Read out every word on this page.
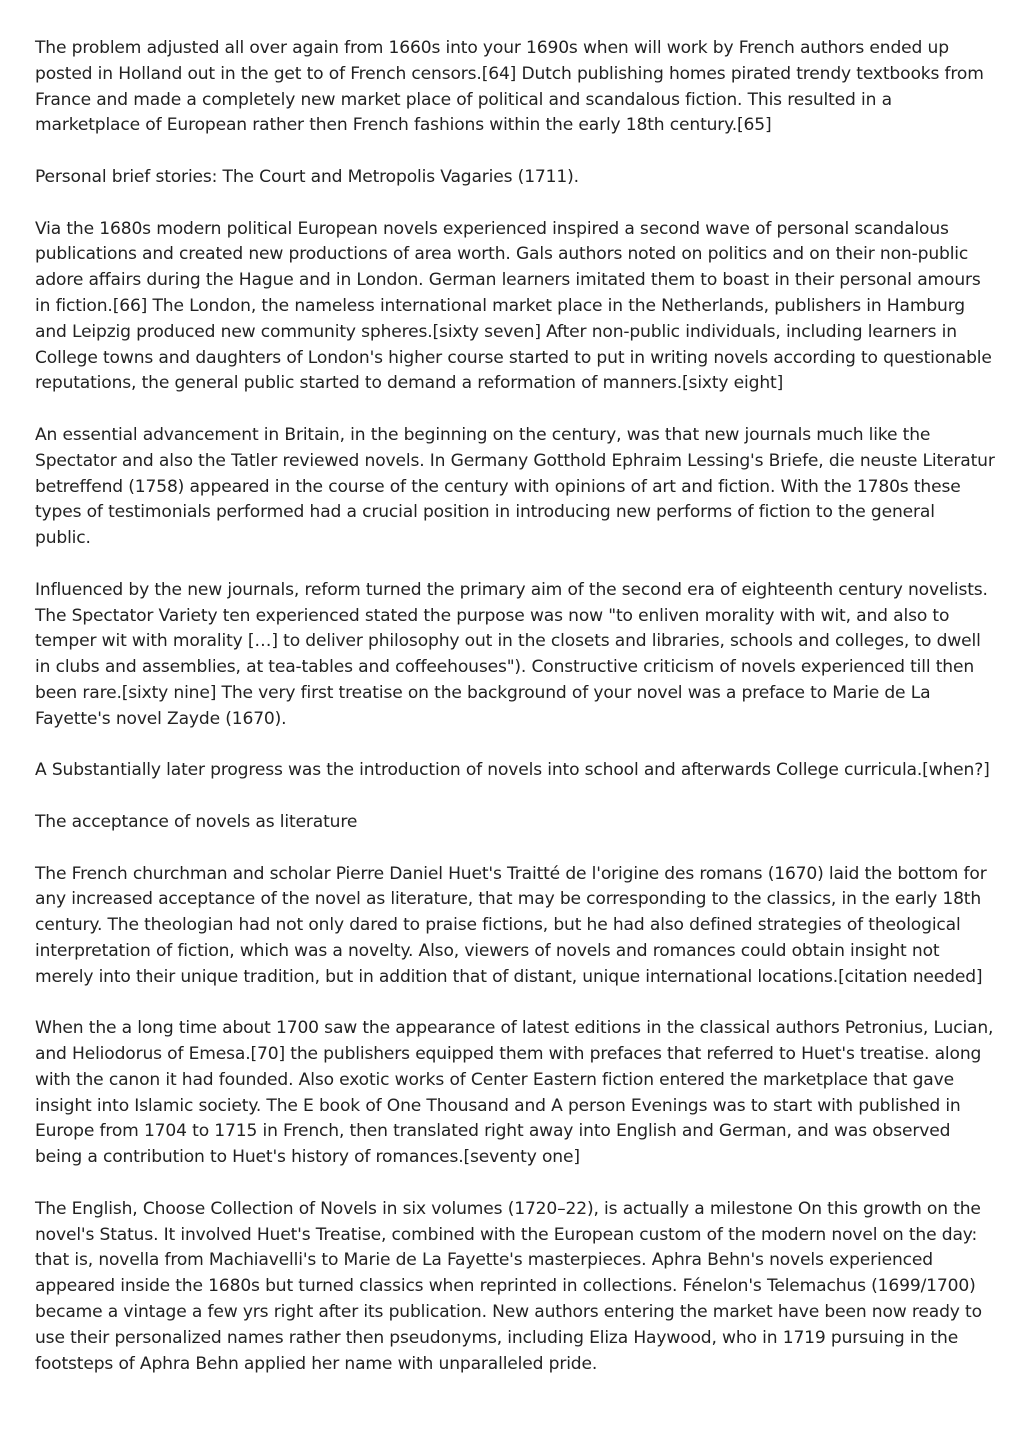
The problem adjusted all over again from 1660s into your 1690s when will work by French authors ended up posted in Holland out in the get to of French censors.[64] Dutch publishing homes pirated trendy textbooks from France and made a completely new market place of political and scandalous fiction. This resulted in a marketplace of European rather then French fashions within the early 18th century.[65]

Personal brief stories: The Court and Metropolis Vagaries (1711).

Via the 1680s modern political European novels experienced inspired a second wave of personal scandalous publications and created new productions of area worth. Gals authors noted on politics and on their non-public adore affairs during the Hague and in London. German learners imitated them to boast in their personal amours in fiction.[66] The London, the nameless international market place in the Netherlands, publishers in Hamburg and Leipzig produced new community spheres.[sixty seven] After non-public individuals, including learners in College towns and daughters of London's higher course started to put in writing novels according to questionable reputations, the general public started to demand a reformation of manners.[sixty eight]

An essential advancement in Britain, in the beginning on the century, was that new journals much like the Spectator and also the Tatler reviewed novels. In Germany Gotthold Ephraim Lessing's Briefe, die neuste Literatur betreffend (1758) appeared in the course of the century with opinions of art and fiction. With the 1780s these types of testimonials performed had a crucial position in introducing new performs of fiction to the general public.

Influenced by the new journals, reform turned the primary aim of the second era of eighteenth century novelists. The Spectator Variety ten experienced stated the purpose was now "to enliven morality with wit, and also to temper wit with morality […] to deliver philosophy out in the closets and libraries, schools and colleges, to dwell in clubs and assemblies, at tea-tables and coffeehouses"). Constructive criticism of novels experienced till then been rare.[sixty nine] The very first treatise on the background of your novel was a preface to Marie de La Fayette's novel Zayde (1670).

A Substantially later progress was the introduction of novels into school and afterwards College curricula.[when?]

The acceptance of novels as literature

The French churchman and scholar Pierre Daniel Huet's Traitté de l'origine des romans (1670) laid the bottom for any increased acceptance of the novel as literature, that may be corresponding to the classics, in the early 18th century. The theologian had not only dared to praise fictions, but he had also defined strategies of theological interpretation of fiction, which was a novelty. Also, viewers of novels and romances could obtain insight not merely into their unique tradition, but in addition that of distant, unique international locations.[citation needed]

When the a long time about 1700 saw the appearance of latest editions in the classical authors Petronius, Lucian, and Heliodorus of Emesa.[70] the publishers equipped them with prefaces that referred to Huet's treatise. along with the canon it had founded. Also exotic works of Center Eastern fiction entered the marketplace that gave insight into Islamic society. The E book of One Thousand and A person Evenings was to start with published in Europe from 1704 to 1715 in French, then translated right away into English and German, and was observed being a contribution to Huet's history of romances.[seventy one]

The English, Choose Collection of Novels in six volumes (1720–22), is actually a milestone On this growth on the novel's Status. It involved Huet's Treatise, combined with the European custom of the modern novel on the day: that is, novella from Machiavelli's to Marie de La Fayette's masterpieces. Aphra Behn's novels experienced appeared inside the 1680s but turned classics when reprinted in collections. Fénelon's Telemachus (1699/1700) became a vintage a few yrs right after its publication. New authors entering the market have been now ready to use their personalized names rather then pseudonyms, including Eliza Haywood, who in 1719 pursuing in the footsteps of Aphra Behn applied her name with unparalleled pride.
